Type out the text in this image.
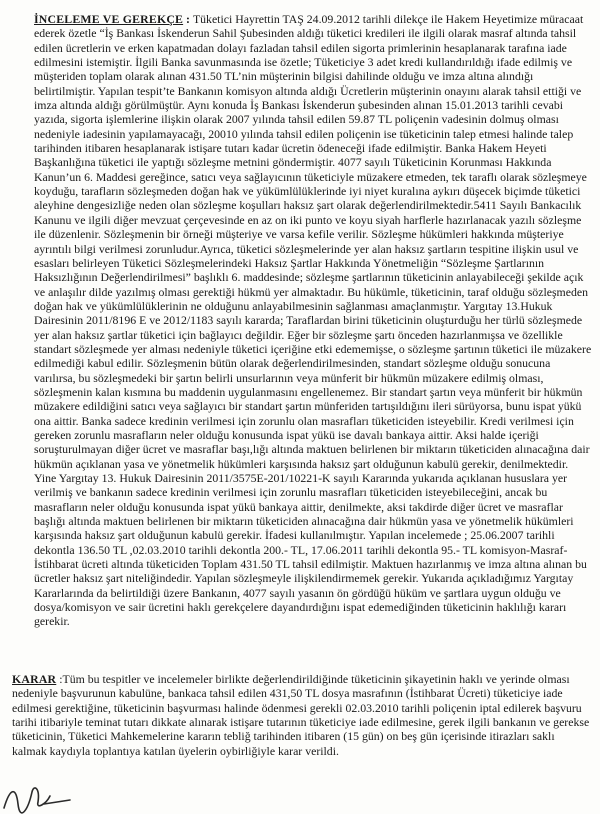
İNCELEME VE GEREKÇE : Tüketici Hayrettin TAŞ 24.09.2012 tarihli dilekçe ile Hakem Heyetimize müracaat ederek özetle “İş Bankası İskenderun Sahil Şubesinden aldığı tüketici kredileri ile ilgili olarak masraf altında tahsil edilen ücretlerin ve erken kapatmadan dolayı fazladan tahsil edilen sigorta primlerinin hesaplanarak tarafına iade edilmesini istemiştir. İlgili Banka savunmasında ise özetle; Tüketiciye 3 adet kredi kullandırıldığı ifade edilmiş ve müşteriden toplam olarak alınan 431.50 TL’nin müşterinin bilgisi dahilinde olduğu ve imza altına alındığı belirtilmiştir. Yapılan tespit’te Bankanın komisyon altında aldığı Ücretlerin müşterinin onayını alarak tahsil ettiği ve imza altında aldığı görülmüştür. Aynı konuda İş Bankası İskenderun şubesinden alınan 15.01.2013 tarihli cevabi yazıda, sigorta işlemlerine ilişkin olarak 2007 yılında tahsil edilen 59.87 TL poliçenin vadesinin dolmuş olması nedeniyle iadesinin yapılamayacağı, 20010 yılında tahsil edilen poliçenin ise tüketicinin talep etmesi halinde talep tarihinden itibaren hesaplanarak istişare tutarı kadar ücretin ödeneceği ifade edilmiştir. Banka Hakem Heyeti Başkanlığına tüketici ile yaptığı sözleşme metnini göndermiştir. 4077 sayılı Tüketicinin Korunması Hakkında Kanun’un 6. Maddesi gereğince, satıcı veya sağlayıcının tüketiciyle müzakere etmeden, tek taraflı olarak sözleşmeye koyduğu, tarafların sözleşmeden doğan hak ve yükümlülüklerinde iyi niyet kuralına aykırı düşecek biçimde tüketici aleyhine dengesizliğe neden olan sözleşme koşulları haksız şart olarak değerlendirilmektedir.5411 Sayılı Bankacılık Kanunu ve ilgili diğer mevzuat çerçevesinde en az on iki punto ve koyu siyah harflerle hazırlanacak yazılı sözleşme ile düzenlenir. Sözleşmenin bir örneği müşteriye ve varsa kefile verilir. Sözleşme hükümleri hakkında müşteriye ayrıntılı bilgi verilmesi zorunludur.Ayrıca, tüketici sözleşmelerinde yer alan haksız şartların tespitine ilişkin usul ve esasları belirleyen Tüketici Sözleşmelerindeki Haksız Şartlar Hakkında Yönetmeliğin “Sözleşme Şartlarının Haksızlığının Değerlendirilmesi” başlıklı 6. maddesinde; sözleşme şartlarının tüketicinin anlayabileceği şekilde açık ve anlaşılır dilde yazılmış olması gerektiği hükmü yer almaktadır. Bu hükümle, tüketicinin, taraf olduğu sözleşmeden doğan hak ve yükümlülüklerinin ne olduğunu anlayabilmesinin sağlanması amaçlanmıştır. Yargıtay 13.Hukuk Dairesinin 2011/8196 E ve 2012/1183 sayılı kararda; Taraflardan birini tüketicinin oluşturduğu her türlü sözleşmede yer alan haksız şartlar tüketici için bağlayıcı değildir. Eğer bir sözleşme şartı önceden hazırlanmışsa ve özellikle standart sözleşmede yer alması nedeniyle tüketici içeriğine etki edememişse, o sözleşme şartının tüketici ile müzakere edilmediği kabul edilir. Sözleşmenin bütün olarak değerlendirilmesinden, standart sözleşme olduğu sonucuna varılırsa, bu sözleşmedeki bir şartın belirli unsurlarının veya münferit bir hükmün müzakere edilmiş olması, sözleşmenin kalan kısmına bu maddenin uygulanmasını engellenemez. Bir standart şartın veya münferit bir hükmün müzakere edildiğini satıcı veya sağlayıcı bir standart şartın münferiden tartışıldığını ileri sürüyorsa, bunu ispat yükü ona aittir. Banka sadece kredinin verilmesi için zorunlu olan masrafları tüketiciden isteyebilir. Kredi verilmesi için gereken zorunlu masrafların neler olduğu konusunda ispat yükü ise davalı bankaya aittir. Aksi halde içeriği soruşturulmayan diğer ücret ve masraflar başı,lığı altında maktuen belirlenen bir miktarın tüketiciden alınacağına dair hükmün açıklanan yasa ve yönetmelik hükümleri karşısında haksız şart olduğunun kabulü gerekir, denilmektedir. Yine Yargıtay 13. Hukuk Dairesinin 2011/3575E-201/10221-K sayılı Kararında yukarıda açıklanan hususlara yer verilmiş ve bankanın sadece kredinin verilmesi için zorunlu masrafları tüketiciden isteyebileceğini, ancak bu masrafların neler olduğu konusunda ispat yükü bankaya aittir, denilmekte, aksi takdirde diğer ücret ve masraflar başlığı altında maktuen belirlenen bir miktarın tüketiciden alınacağına dair hükmün yasa ve yönetmelik hükümleri karşısında haksız şart olduğunun kabulü gerekir. İfadesi kullanılmıştır. Yapılan incelemede ; 25.06.2007 tarihli dekontla 136.50 TL ,02.03.2010 tarihli dekontla 200.- TL, 17.06.2011 tarihli dekontla 95.- TL komisyon-Masraf-İstihbarat ücreti altında tüketiciden Toplam 431.50 TL tahsil edilmiştir. Maktuen hazırlanmış ve imza altına alınan bu ücretler haksız şart niteliğindedir. Yapılan sözleşmeyle ilişkilendirmemek gerekir. Yukarıda açıkladığımız Yargıtay Kararlarında da belirtildiği üzere Bankanın, 4077 sayılı yasanın ön gördüğü hüküm ve şartlara uygun olduğu ve dosya/komisyon ve sair ücretini haklı gerekçelere dayandırdığını ispat edemediğinden tüketicinin haklılığı kararı gerekir.

KARAR :Tüm bu tespitler ve incelemeler birlikte değerlendirildiğinde tüketicinin şikayetinin haklı ve yerinde olması nedeniyle başvurunun kabulüne, bankaca tahsil edilen 431,50 TL dosya masrafının (İstihbarat Ücreti) tüketiciye iade edilmesi gerektiğine, tüketicinin başvurması halinde ödenmesi gerekli 02.03.2010 tarihli poliçenin iptal edilerek başvuru tarihi itibariyle teminat tutarı dikkate alınarak istişare tutarının tüketiciye iade edilmesine, gerek ilgili bankanın ve gerekse tüketicinin, Tüketici Mahkemelerine kararın tebliğ tarihinden itibaren (15 gün) on beş gün içerisinde itirazları saklı kalmak kaydıyla toplantıya katılan üyelerin oybirliğiyle karar verildi.
